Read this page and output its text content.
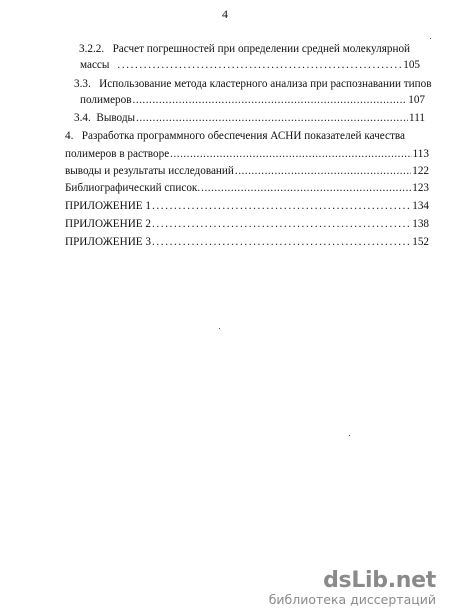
4
3.2.2. Расчет погрешностей при определении средней молекулярной
массы .....	105
3.3. Использование метода кластерного анализа при распознавании типов
полимеров .....	107
3.4.
Выводы .....	111
4. Разработка программного обеспечения АСНИ показателей качества
полимеров в растворе .....	113
выводы и результаты исследований .....	122
Библиографический список. .....	123
ПРИЛОЖЕНИЕ 1 .....	134
ПРИЛОЖЕНИЕ 2 .....	138
ПРИЛОЖЕНИЕ 3 .....	152
dsLib.net
библиотека диссертаций
